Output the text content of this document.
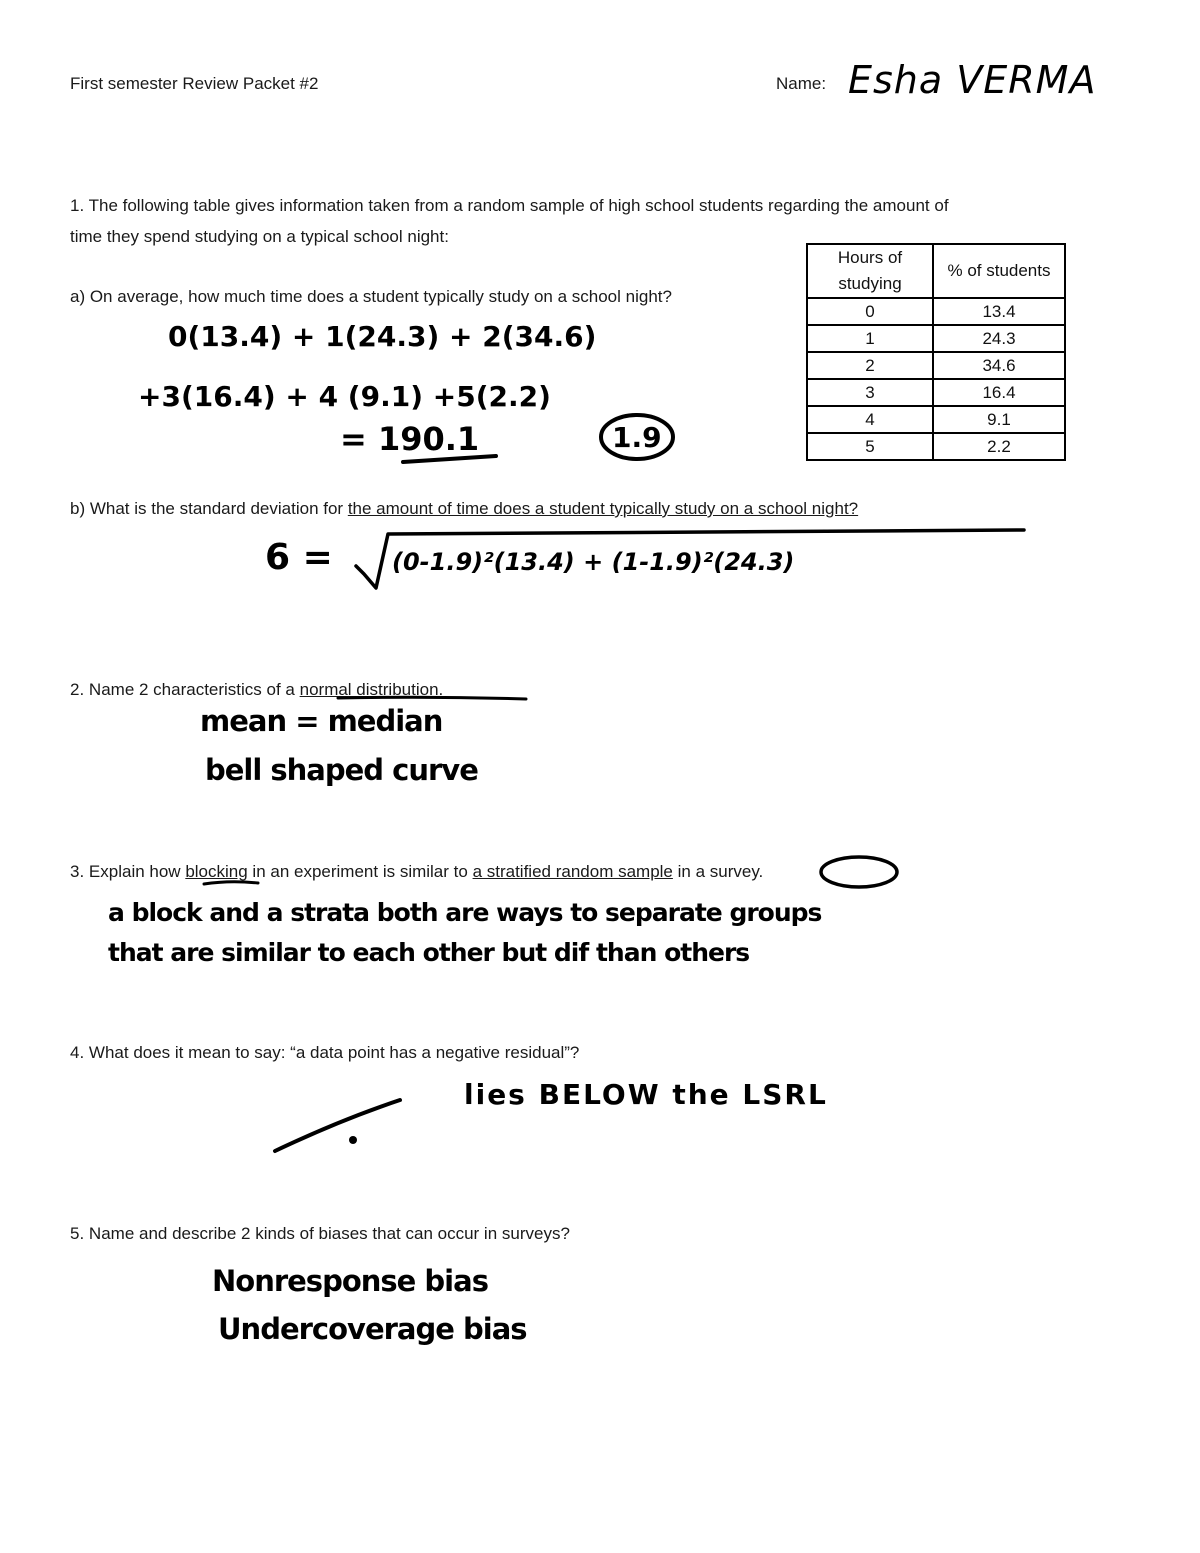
First semester Review Packet #2	Name: Esha VERMA
1. The following table gives information taken from a random sample of high school students regarding the amount of
time they spend studying on a typical school night:
a) On average, how much time does a student typically study on a school night?
0(13.4) + 1(24.3) + 2(34.6)
+3(16.4) + 4 (9.1) +5(2.2)
= 190.1	1.9
Hours of studying	% of students
0	13.4
1	24.3
2	34.6
3	16.4
4	9.1
5	2.2
b) What is the standard deviation for the amount of time does a student typically study on a school night?
6 = (0-1.9)²(13.4) + (1-1.9)²(24.3)
2. Name 2 characteristics of a normal distribution.
mean = median
bell shaped curve
3. Explain how blocking in an experiment is similar to a stratified random sample in a survey.
a block and a strata both are ways to separate groups
that are similar to each other but dif than others
4. What does it mean to say: “a data point has a negative residual”?
lies BELOW the LSRL
5. Name and describe 2 kinds of biases that can occur in surveys?
Nonresponse bias
Undercoverage bias
